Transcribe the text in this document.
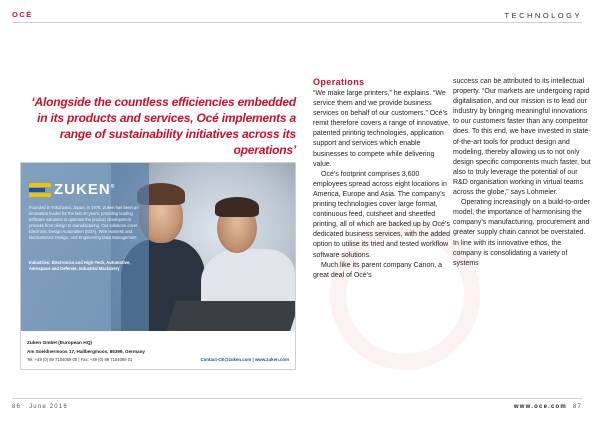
OCÉ	TECHNOLOGY
‘Alongside the countless efficiencies embedded in its products and services, Océ implements a range of sustainability initiatives across its operations’
ZUKEN®
Founded in Yokohama, Japan, in 1976, Zuken has been an innovation leader for the last 40 years, providing leading software solutions to optimise the product development process from design to manufacturing. Our solutions cover Electronic Design Automation (EDA), Wire Harness and Mechatronics Design, and Engineering Data Management.
Industries: Electronics and High-Tech, Automotive, Aerospace and Defense, Industrial Machinery
Zuken GmbH (European HQ)
Am Soeldnermoos 17, Hallbergmoos, 85399, Germany
Tel: +49 (0) 89 7104059 00 | Fax: +49 (0) 89 7104059 01	Contact-CE@zuken.com | www.zuken.com
Operations

“We make large printers,” he explains. “We service them and we provide business services on behalf of our customers.” Océ’s remit therefore covers a range of innovative, patented printing technologies, application support and services which enable businesses to compete while delivering value.

Océ’s footprint comprises 3,600 employees spread across eight locations in America, Europe and Asia. The company’s printing technologies cover large format, continuous feed, cutsheet and sheetfed printing, all of which are backed up by Océ’s dedicated business services, with the added option to utilise its tried and tested workflow software solutions.

Much like its parent company Canon, a great deal of Océ’s

success can be attributed to its intellectual property. “Our markets are undergoing rapid digitalisation, and our mission is to lead our industry by bringing meaningful innovations to our customers faster than any competitor does. To this end, we have invested in state-of-the-art tools for product design and modeling, thereby allowing us to not only design specific components much faster, but also to truly leverage the potential of our R&D organisation working in virtual teams across the globe,” says Lohmeier.

Operating increasingly on a build-to-order model, the importance of harmonising the company’s manufacturing, procurement and greater supply chain cannot be overstated. In line with its innovative ethos, the company is consolidating a variety of systems

86 June 2016	www.oce.com 87
